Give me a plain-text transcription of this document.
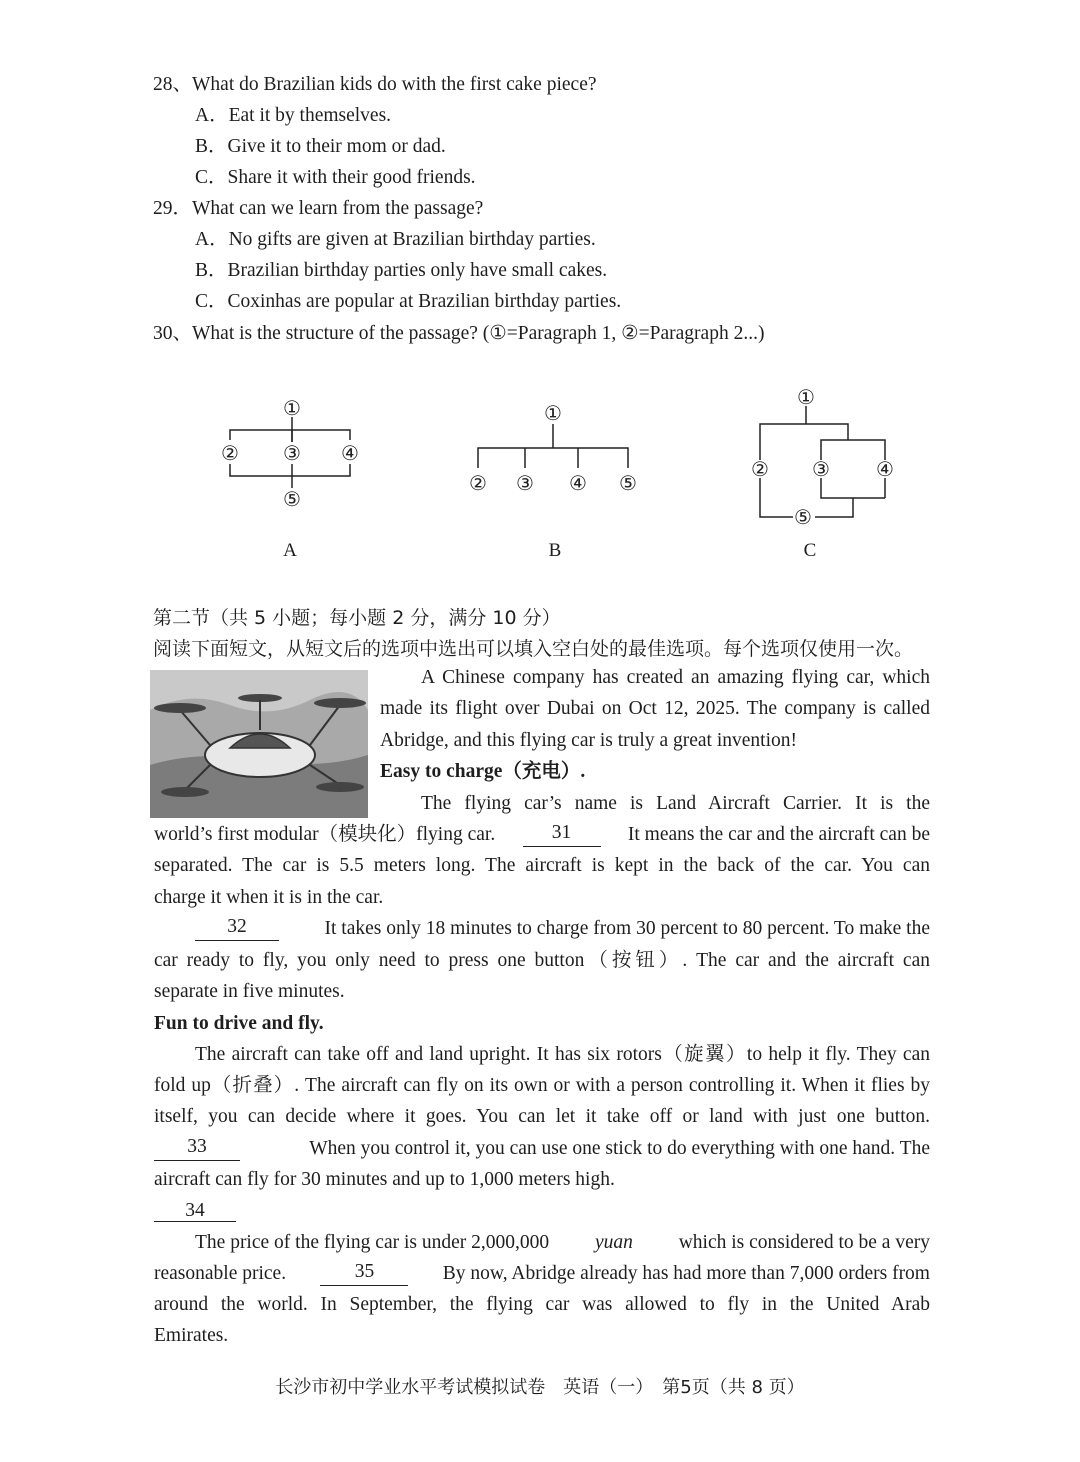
28、What do Brazilian kids do with the first cake piece?
A．Eat it by themselves.
B．Give it to their mom or dad.
C．Share it with their good friends.
29．What can we learn from the passage?
A．No gifts are given at Brazilian birthday parties.
B．Brazilian birthday parties only have small cakes.
C．Coxinhas are popular at Brazilian birthday parties.
30、What is the structure of the passage? (①=Paragraph 1, ②=Paragraph 2...)
①
② ③ ④
⑤
A
①
② ③ ④ ⑤
B
①
② ③ ④
⑤
C
第二节（共 5 小题；每小题 2 分，满分 10 分）
阅读下面短文，从短文后的选项中选出可以填入空白处的最佳选项。每个选项仅使用一次。
A Chinese company has created an amazing flying car, which
made its flight over Dubai on Oct 12, 2025. The company is called
Abridge, and this flying car is truly a great invention!
Easy to charge（充电）.
The flying car’s name is Land Aircraft Carrier. It is the
world’s first modular（模块化）flying car.	31	It means the car and the aircraft can be
separated. The car is 5.5 meters long. The aircraft is kept in the back of the car. You can
charge it when it is in the car.
32	It takes only 18 minutes to charge from 30 percent to 80 percent. To make the
car ready to fly, you only need to press one button（按钮）. The car and the aircraft can
separate in five minutes.
Fun to drive and fly.
The aircraft can take off and land upright. It has six rotors（旋翼）to help it fly. They can
fold up（折叠）. The aircraft can fly on its own or with a person controlling it. When it flies by
itself, you can decide where it goes. You can let it take off or land with just one button.
33	When you control it, you can use one stick to do everything with one hand. The
aircraft can fly for 30 minutes and up to 1,000 meters high.
34
The price of the flying car is under 2,000,000 yuan which is considered to be a very
reasonable price.	35	By now, Abridge already has had more than 7,000 orders from
around the world. In September, the flying car was allowed to fly in the United Arab
Emirates.
长沙市初中学业水平考试模拟试卷　英语（一）　第5页（共 8 页）
